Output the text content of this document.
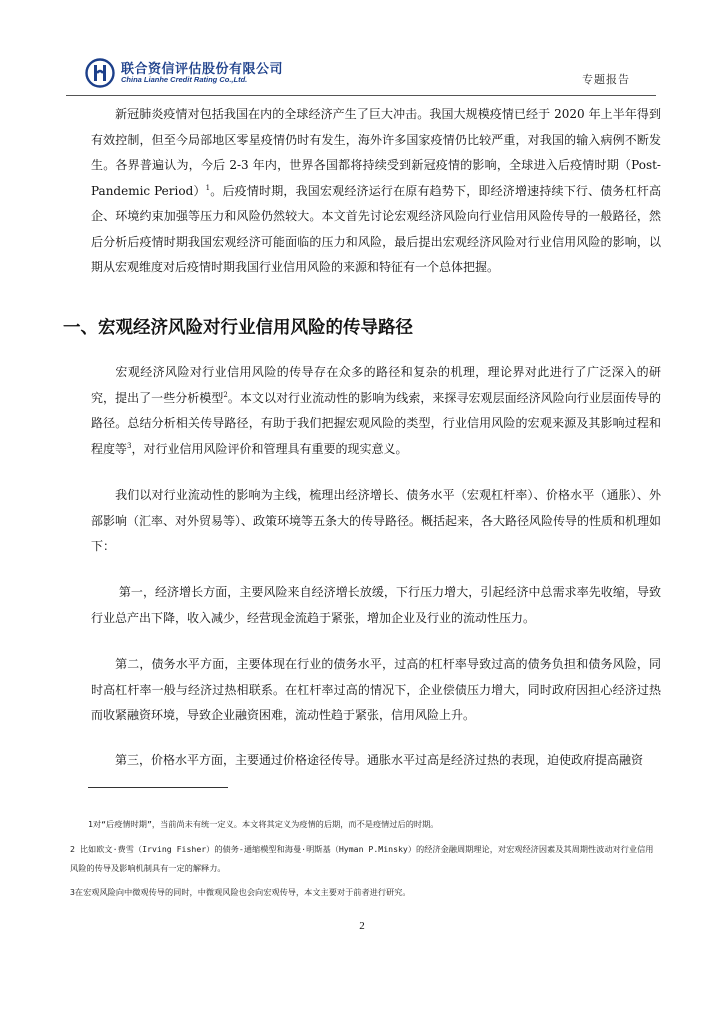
联合资信评估股份有限公司
China Lianhe Credit Rating Co.,Ltd.	专题报告

  新冠肺炎疫情对包括我国在内的全球经济产生了巨大冲击。我国大规模疫情已经于 2020 年上半年得到有效控制，但至今局部地区零星疫情仍时有发生，海外许多国家疫情仍比较严重，对我国的输入病例不断发生。各界普遍认为，今后 2-3 年内，世界各国都将持续受到新冠疫情的影响，全球进入后疫情时期（Post-Pandemic Period）$^1$。后疫情时期，我国宏观经济运行在原有趋势下，即经济增速持续下行、债务杠杆高企、环境约束加强等压力和风险仍然较大。本文首先讨论宏观经济风险向行业信用风险传导的一般路径，然后分析后疫情时期我国宏观经济可能面临的压力和风险，最后提出宏观经济风险对行业信用风险的影响，以期从宏观维度对后疫情时期我国行业信用风险的来源和特征有一个总体把握。

一、宏观经济风险对行业信用风险的传导路径

  宏观经济风险对行业信用风险的传导存在众多的路径和复杂的机理，理论界对此进行了广泛深入的研究，提出了一些分析模型$^2$。本文以对行业流动性的影响为线索，来探寻宏观层面经济风险向行业层面传导的路径。总结分析相关传导路径，有助于我们把握宏观风险的类型，行业信用风险的宏观来源及其影响过程和程度等$^3$，对行业信用风险评价和管理具有重要的现实意义。

  我们以对行业流动性的影响为主线，梳理出经济增长、债务水平（宏观杠杆率）、价格水平（通胀）、外部影响（汇率、对外贸易等）、政策环境等五条大的传导路径。概括起来，各大路径风险传导的性质和机理如下：

   第一，经济增长方面，主要风险来自经济增长放缓，下行压力增大，引起经济中总需求率先收缩，导致行业总产出下降，收入减少，经营现金流趋于紧张，增加企业及行业的流动性压力。

  第二，债务水平方面，主要体现在行业的债务水平，过高的杠杆率导致过高的债务负担和债务风险，同时高杠杆率一般与经济过热相联系。在杠杆率过高的情况下，企业偿债压力增大，同时政府因担心经济过热而收紧融资环境，导致企业融资困难，流动性趋于紧张，信用风险上升。

  第三，价格水平方面，主要通过价格途径传导。通胀水平过高是经济过热的表现，迫使政府提高融资

1对“后疫情时期”，当前尚未有统一定义。本文将其定义为疫情的后期，而不是疫情过后的时期。

2 比如欧文·费雪（Irving Fisher）的债务-通缩模型和海曼·明斯基（Hyman P.Minsky）的经济金融周期理论，对宏观经济因素及其周期性波动对行业信用风险的传导及影响机制具有一定的解释力。

3在宏观风险向中微观传导的同时，中微观风险也会向宏观传导，本文主要对于前者进行研究。

2
